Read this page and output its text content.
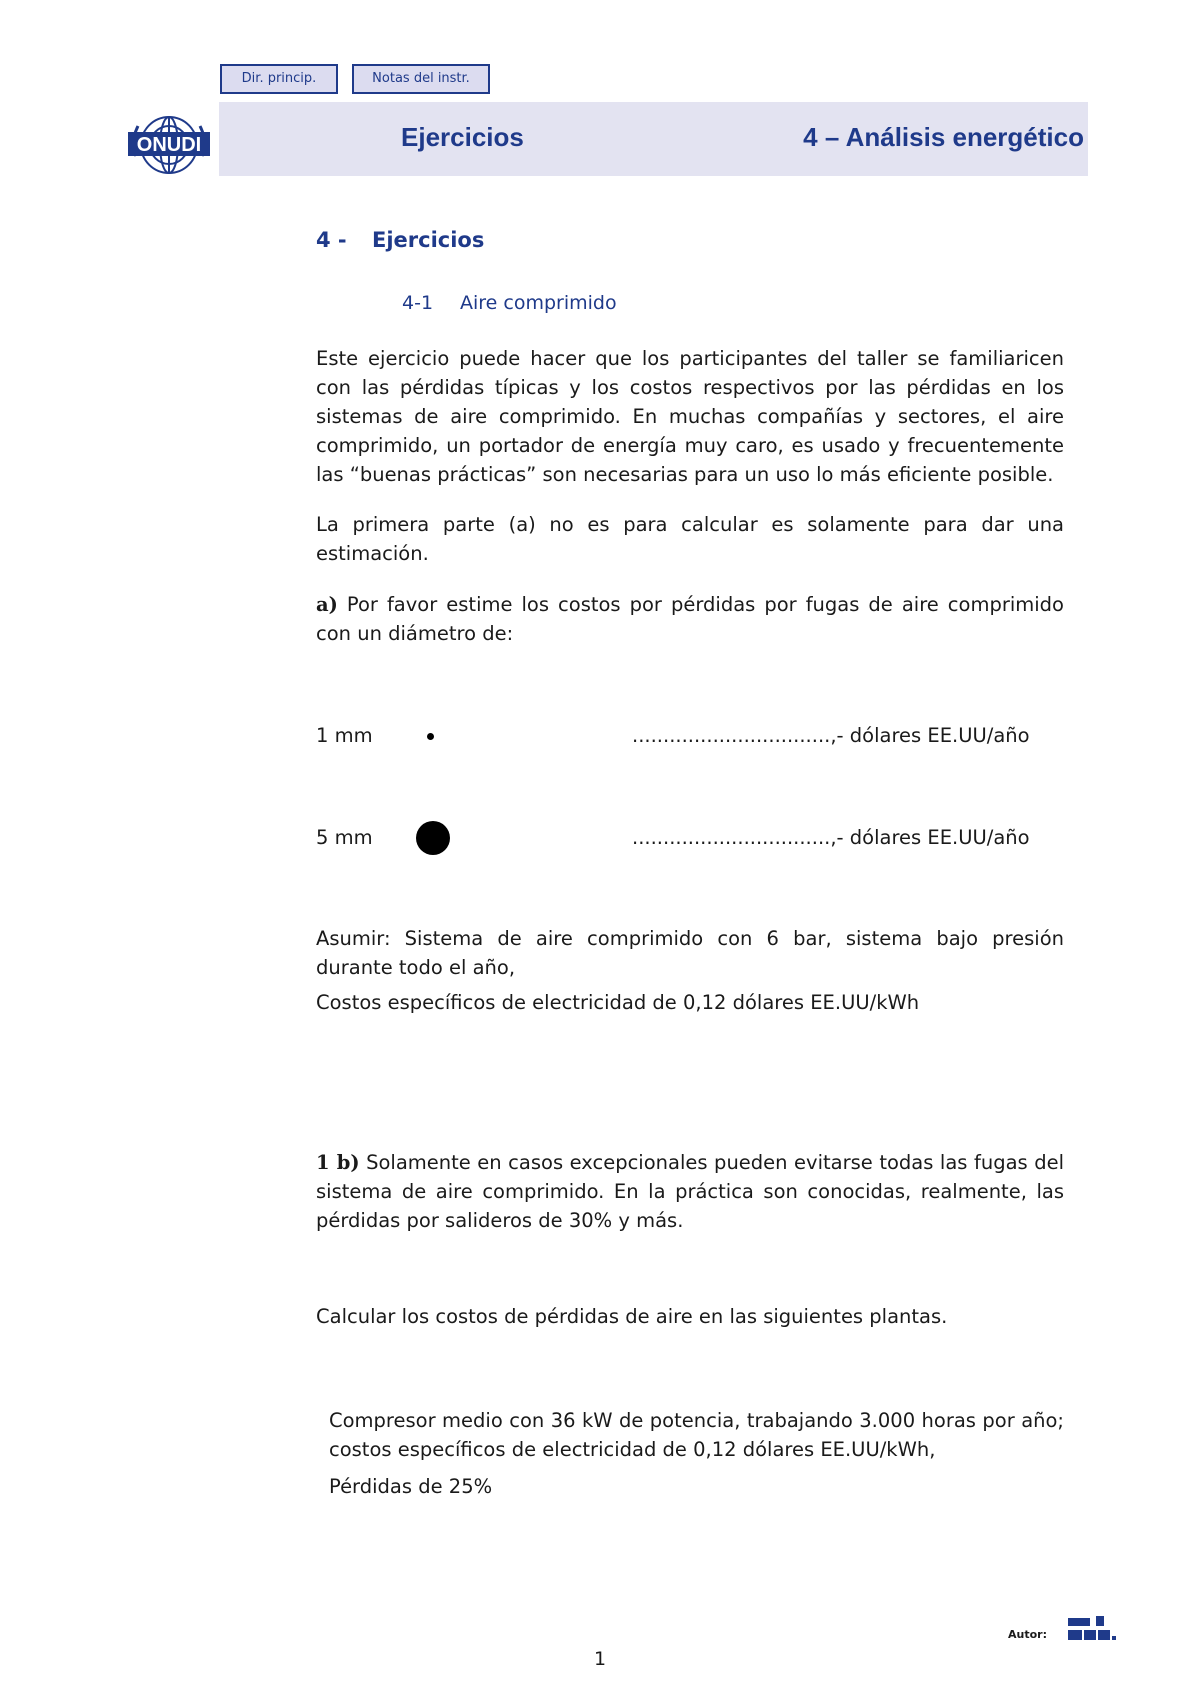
Dir. princip.	Notas del instr.
ONUDI	Ejercicios	4 – Análisis energético
4 - Ejercicios
4-1 Aire comprimido

Este ejercicio puede hacer que los participantes del taller se familiaricen con las pérdidas típicas y los costos respectivos por las pérdidas en los sistemas de aire comprimido. En muchas compañías y sectores, el aire comprimido, un portador de energía muy caro, es usado y frecuentemente las “buenas prácticas” son necesarias para un uso lo más eficiente posible.

La primera parte (a) no es para calcular es solamente para dar una estimación.

a) Por favor estime los costos por pérdidas por fugas de aire comprimido con un diámetro de:

1 mm	................................,- dólares EE.UU/año
5 mm	................................,- dólares EE.UU/año

Asumir: Sistema de aire comprimido con 6 bar, sistema bajo presión durante todo el año,

Costos específicos de electricidad de 0,12 dólares EE.UU/kWh

1 b) Solamente en casos excepcionales pueden evitarse todas las fugas del sistema de aire comprimido. En la práctica son conocidas, realmente, las pérdidas por salideros de 30% y más.

Calcular los costos de pérdidas de aire en las siguientes plantas.

Compresor medio con 36 kW de potencia, trabajando 3.000 horas por año; costos específicos de electricidad de 0,12 dólares EE.UU/kWh,

Pérdidas de 25%

Autor:
1
